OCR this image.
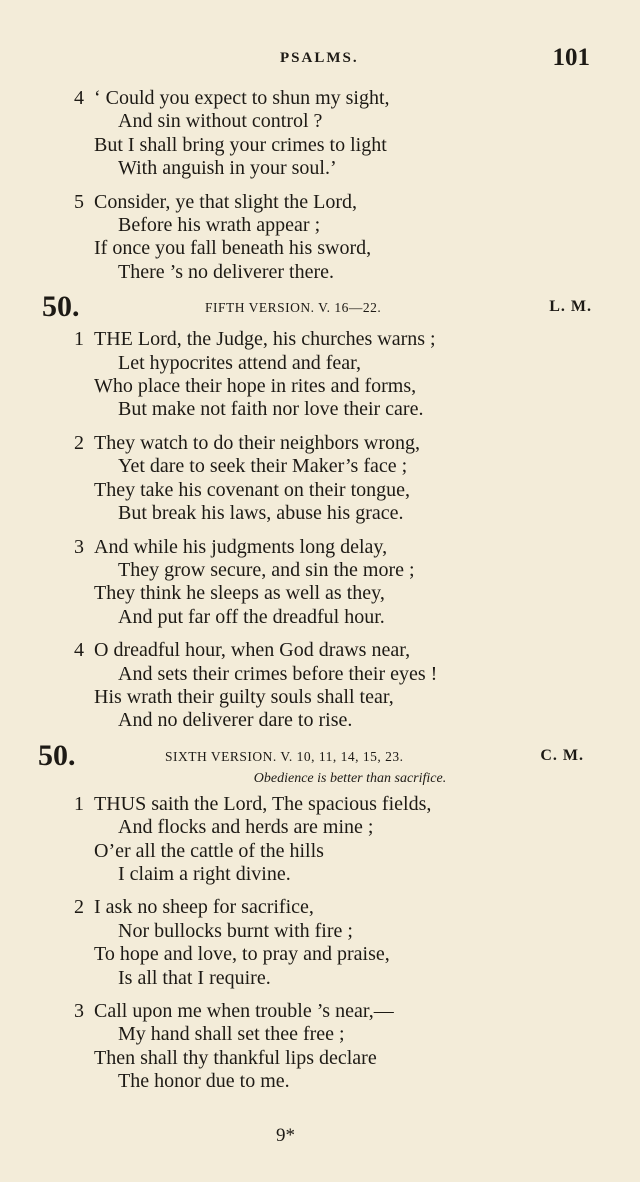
PSALMS.	101
4 ‘ Could you expect to shun my sight,
And sin without control ?
But I shall bring your crimes to light
With anguish in your soul.’
5 Consider, ye that slight the Lord,
Before his wrath appear ;
If once you fall beneath his sword,
There ’s no deliverer there.
50.	FIFTH VERSION. V. 16—22.	L. M.
1 THE Lord, the Judge, his churches warns ;
Let hypocrites attend and fear,
Who place their hope in rites and forms,
But make not faith nor love their care.
2 They watch to do their neighbors wrong,
Yet dare to seek their Maker’s face ;
They take his covenant on their tongue,
But break his laws, abuse his grace.
3 And while his judgments long delay,
They grow secure, and sin the more ;
They think he sleeps as well as they,
And put far off the dreadful hour.
4 O dreadful hour, when God draws near,
And sets their crimes before their eyes !
His wrath their guilty souls shall tear,
And no deliverer dare to rise.
50.	SIXTH VERSION. V. 10, 11, 14, 15, 23.	C. M.
Obedience is better than sacrifice.
1 THUS saith the Lord, The spacious fields,
And flocks and herds are mine ;
O’er all the cattle of the hills
I claim a right divine.
2 I ask no sheep for sacrifice,
Nor bullocks burnt with fire ;
To hope and love, to pray and praise,
Is all that I require.
3 Call upon me when trouble ’s near,—
My hand shall set thee free ;
Then shall thy thankful lips declare
The honor due to me.
9*
